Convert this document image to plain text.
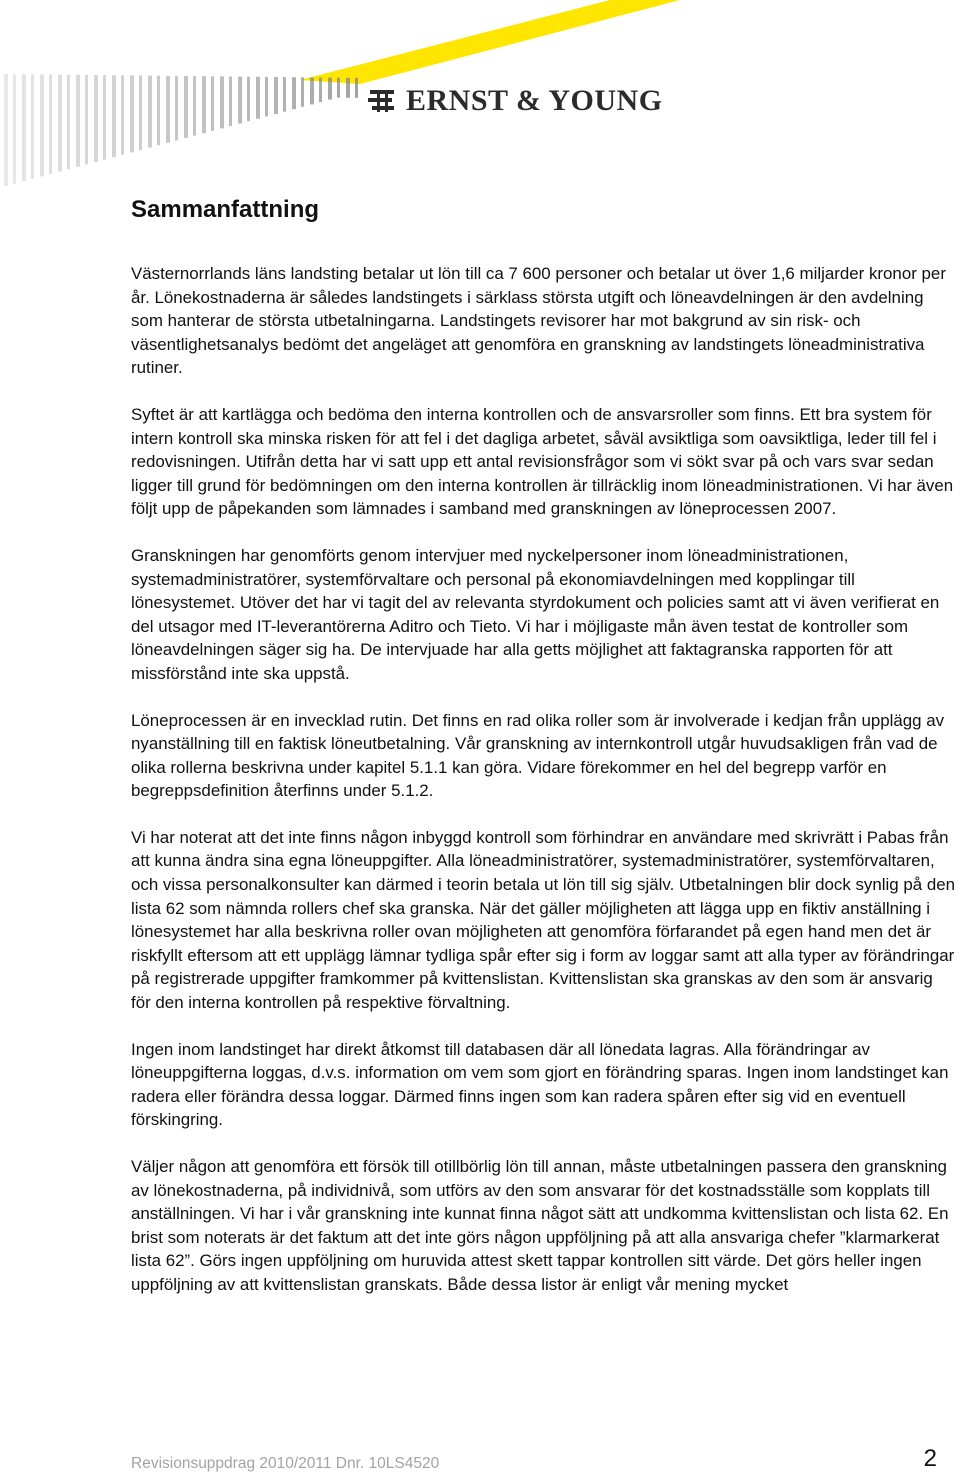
ERNST & YOUNG
Sammanfattning

Västernorrlands läns landsting betalar ut lön till ca 7 600 personer och betalar ut över 1,6 miljarder kronor per år. Lönekostnaderna är således landstingets i särklass största utgift och löneavdelningen är den avdelning som hanterar de största utbetalningarna. Landstingets revisorer har mot bakgrund av sin risk- och väsentlighetsanalys bedömt det angeläget att genomföra en granskning av landstingets löneadministrativa rutiner.

Syftet är att kartlägga och bedöma den interna kontrollen och de ansvarsroller som finns. Ett bra system för intern kontroll ska minska risken för att fel i det dagliga arbetet, såväl avsiktliga som oavsiktliga, leder till fel i redovisningen. Utifrån detta har vi satt upp ett antal revisionsfrågor som vi sökt svar på och vars svar sedan ligger till grund för bedömningen om den interna kontrollen är tillräcklig inom löneadministrationen. Vi har även följt upp de påpekanden som lämnades i samband med granskningen av löneprocessen 2007.

Granskningen har genomförts genom intervjuer med nyckelpersoner inom löneadministrationen, systemadministratörer, systemförvaltare och personal på ekonomiavdelningen med kopplingar till lönesystemet. Utöver det har vi tagit del av relevanta styrdokument och policies samt att vi även verifierat en del utsagor med IT-leverantörerna Aditro och Tieto. Vi har i möjligaste mån även testat de kontroller som löneavdelningen säger sig ha. De intervjuade har alla getts möjlighet att faktagranska rapporten för att missförstånd inte ska uppstå.

Löneprocessen är en invecklad rutin. Det finns en rad olika roller som är involverade i kedjan från upplägg av nyanställning till en faktisk löneutbetalning. Vår granskning av internkontroll utgår huvudsakligen från vad de olika rollerna beskrivna under kapitel 5.1.1 kan göra. Vidare förekommer en hel del begrepp varför en begreppsdefinition återfinns under 5.1.2.

Vi har noterat att det inte finns någon inbyggd kontroll som förhindrar en användare med skrivrätt i Pabas från att kunna ändra sina egna löneuppgifter. Alla löneadministratörer, systemadministratörer, systemförvaltaren, och vissa personalkonsulter kan därmed i teorin betala ut lön till sig själv. Utbetalningen blir dock synlig på den lista 62 som nämnda rollers chef ska granska. När det gäller möjligheten att lägga upp en fiktiv anställning i lönesystemet har alla beskrivna roller ovan möjligheten att genomföra förfarandet på egen hand men det är riskfyllt eftersom att ett upplägg lämnar tydliga spår efter sig i form av loggar samt att alla typer av förändringar på registrerade uppgifter framkommer på kvittenslistan. Kvittenslistan ska granskas av den som är ansvarig för den interna kontrollen på respektive förvaltning.

Ingen inom landstinget har direkt åtkomst till databasen där all lönedata lagras. Alla förändringar av löneuppgifterna loggas, d.v.s. information om vem som gjort en förändring sparas. Ingen inom landstinget kan radera eller förändra dessa loggar. Därmed finns ingen som kan radera spåren efter sig vid en eventuell förskingring.

Väljer någon att genomföra ett försök till otillbörlig lön till annan, måste utbetalningen passera den granskning av lönekostnaderna, på individnivå, som utförs av den som ansvarar för det kostnadsställe som kopplats till anställningen. Vi har i vår granskning inte kunnat finna något sätt att undkomma kvittenslistan och lista 62. En brist som noterats är det faktum att det inte görs någon uppföljning på att alla ansvariga chefer ”klarmarkerat lista 62”. Görs ingen uppföljning om huruvida attest skett tappar kontrollen sitt värde. Det görs heller ingen uppföljning av att kvittenslistan granskats. Både dessa listor är enligt vår mening mycket

Revisionsuppdrag 2010/2011 Dnr. 10LS4520	2
